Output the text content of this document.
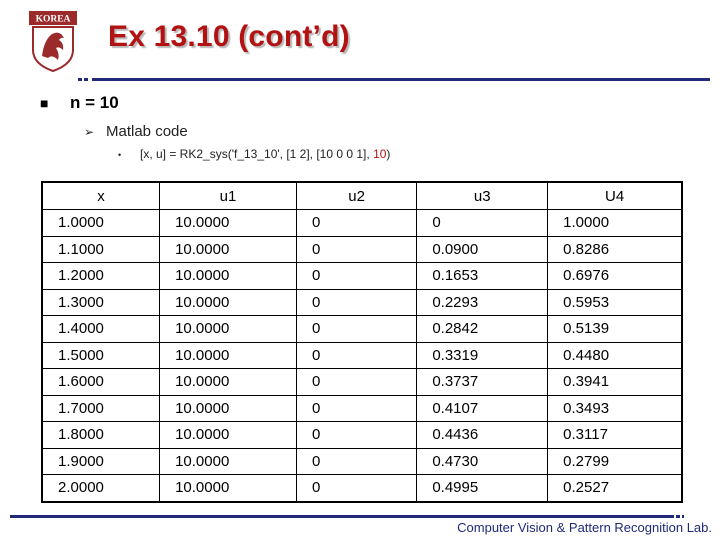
KOREA
Ex 13.10 (cont’d)
■ n = 10
➢ Matlab code
• [x, u] = RK2_sys('f_13_10', [1 2], [10 0 0 1], 10)
x	u1	u2	u3	U4
1.0000	10.0000	0	0	1.0000
1.1000	10.0000	0	0.0900	0.8286
1.2000	10.0000	0	0.1653	0.6976
1.3000	10.0000	0	0.2293	0.5953
1.4000	10.0000	0	0.2842	0.5139
1.5000	10.0000	0	0.3319	0.4480
1.6000	10.0000	0	0.3737	0.3941
1.7000	10.0000	0	0.4107	0.3493
1.8000	10.0000	0	0.4436	0.3117
1.9000	10.0000	0	0.4730	0.2799
2.0000	10.0000	0	0.4995	0.2527
Computer Vision & Pattern Recognition Lab.
